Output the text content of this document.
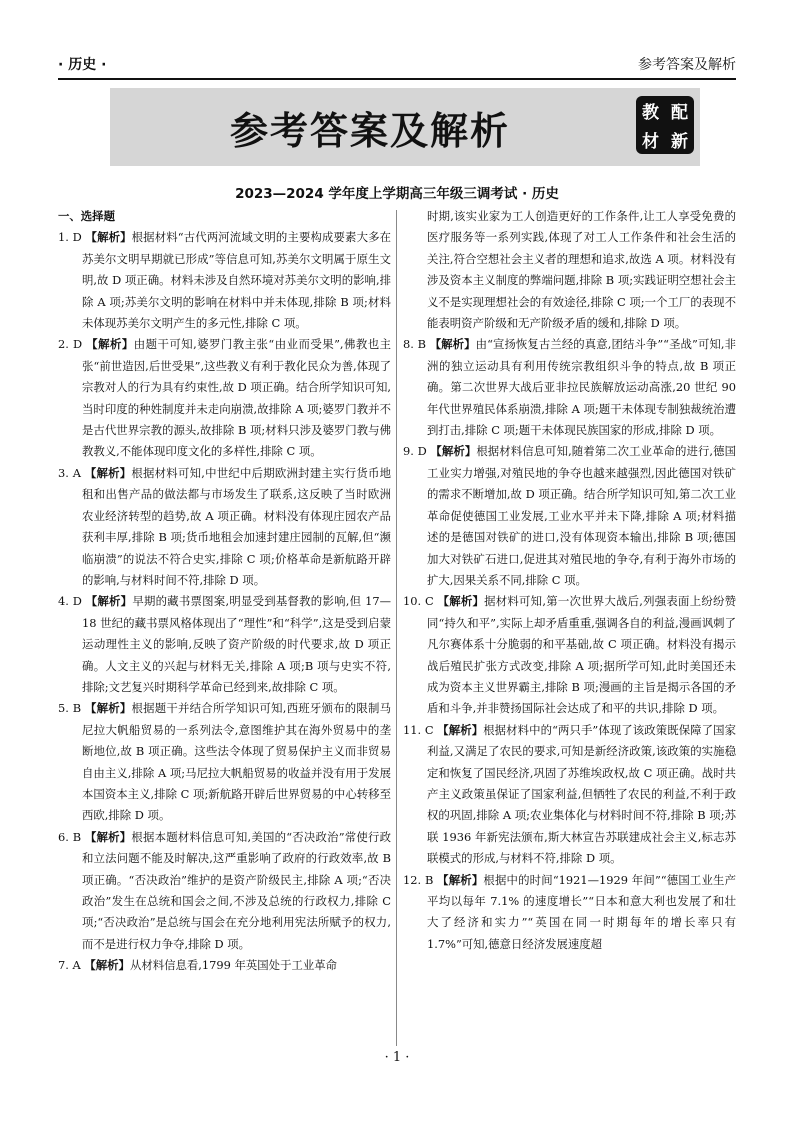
· 历史 ·	参考答案及解析
参考答案及解析	教 配
材 新
2023—2024 学年度上学期高三年级三调考试 · 历史
一、选择题

1. D 【解析】根据材料“古代两河流域文明的主要构成要素大多在苏美尔文明早期就已形成”等信息可知,苏美尔文明属于原生文明,故 D 项正确。材料未涉及自然环境对苏美尔文明的影响,排除 A 项;苏美尔文明的影响在材料中并未体现,排除 B 项;材料未体现苏美尔文明产生的多元性,排除 C 项。

2. D 【解析】由题干可知,婆罗门教主张“由业而受果”,佛教也主张“前世造因,后世受果”,这些教义有利于教化民众为善,体现了宗教对人的行为具有约束性,故 D 项正确。结合所学知识可知,当时印度的种姓制度并未走向崩溃,故排除 A 项;婆罗门教并不是古代世界宗教的源头,故排除 B 项;材料只涉及婆罗门教与佛教教义,不能体现印度文化的多样性,排除 C 项。

3. A 【解析】根据材料可知,中世纪中后期欧洲封建主实行货币地租和出售产品的做法都与市场发生了联系,这反映了当时欧洲农业经济转型的趋势,故 A 项正确。材料没有体现庄园农产品获利丰厚,排除 B 项;货币地租会加速封建庄园制的瓦解,但“濒临崩溃”的说法不符合史实,排除 C 项;价格革命是新航路开辟的影响,与材料时间不符,排除 D 项。

4. D 【解析】早期的藏书票图案,明显受到基督教的影响,但 17—18 世纪的藏书票风格体现出了“理性”和“科学”,这是受到启蒙运动理性主义的影响,反映了资产阶级的时代要求,故 D 项正确。人文主义的兴起与材料无关,排除 A 项;B 项与史实不符,排除;文艺复兴时期科学革命已经到来,故排除 C 项。

5. B 【解析】根据题干并结合所学知识可知,西班牙颁布的限制马尼拉大帆船贸易的一系列法令,意图维护其在海外贸易中的垄断地位,故 B 项正确。这些法令体现了贸易保护主义而非贸易自由主义,排除 A 项;马尼拉大帆船贸易的收益并没有用于发展本国资本主义,排除 C 项;新航路开辟后世界贸易的中心转移至西欧,排除 D 项。

6. B 【解析】根据本题材料信息可知,美国的“否决政治”常使行政和立法问题不能及时解决,这严重影响了政府的行政效率,故 B 项正确。“否决政治”维护的是资产阶级民主,排除 A 项;“否决政治”发生在总统和国会之间,不涉及总统的行政权力,排除 C 项;“否决政治”是总统与国会在充分地利用宪法所赋予的权力,而不是进行权力争夺,排除 D 项。

7. A 【解析】从材料信息看,1799 年英国处于工业革命

时期,该实业家为工人创造更好的工作条件,让工人享受免费的医疗服务等一系列实践,体现了对工人工作条件和社会生活的关注,符合空想社会主义者的理想和追求,故选 A 项。材料没有涉及资本主义制度的弊端问题,排除 B 项;实践证明空想社会主义不是实现理想社会的有效途径,排除 C 项;一个工厂的表现不能表明资产阶级和无产阶级矛盾的缓和,排除 D 项。

8. B 【解析】由“宣扬恢复古兰经的真意,团结斗争”“圣战”可知,非洲的独立运动具有利用传统宗教组织斗争的特点,故 B 项正确。第二次世界大战后亚非拉民族解放运动高涨,20 世纪 90 年代世界殖民体系崩溃,排除 A 项;题干未体现专制独裁统治遭到打击,排除 C 项;题干未体现民族国家的形成,排除 D 项。

9. D 【解析】根据材料信息可知,随着第二次工业革命的进行,德国工业实力增强,对殖民地的争夺也越来越强烈,因此德国对铁矿的需求不断增加,故 D 项正确。结合所学知识可知,第二次工业革命促使德国工业发展,工业水平并未下降,排除 A 项;材料描述的是德国对铁矿的进口,没有体现资本输出,排除 B 项;德国加大对铁矿石进口,促进其对殖民地的争夺,有利于海外市场的扩大,因果关系不同,排除 C 项。

10. C 【解析】据材料可知,第一次世界大战后,列强表面上纷纷赞同“持久和平”,实际上却矛盾重重,强调各自的利益,漫画讽刺了凡尔赛体系十分脆弱的和平基础,故 C 项正确。材料没有揭示战后殖民扩张方式改变,排除 A 项;据所学可知,此时美国还未成为资本主义世界霸主,排除 B 项;漫画的主旨是揭示各国的矛盾和斗争,并非赞扬国际社会达成了和平的共识,排除 D 项。

11. C 【解析】根据材料中的“两只手”体现了该政策既保障了国家利益,又满足了农民的要求,可知是新经济政策,该政策的实施稳定和恢复了国民经济,巩固了苏维埃政权,故 C 项正确。战时共产主义政策虽保证了国家利益,但牺牲了农民的利益,不利于政权的巩固,排除 A 项;农业集体化与材料时间不符,排除 B 项;苏联 1936 年新宪法颁布,斯大林宣告苏联建成社会主义,标志苏联模式的形成,与材料不符,排除 D 项。

12. B 【解析】根据中的时间“1921—1929 年间”“德国工业生产平均以每年 7.1% 的速度增长”“日本和意大利也发展了和壮大了经济和实力”“英国在同一时期每年的增长率只有 1.7%”可知,德意日经济发展速度超

· 1 ·
